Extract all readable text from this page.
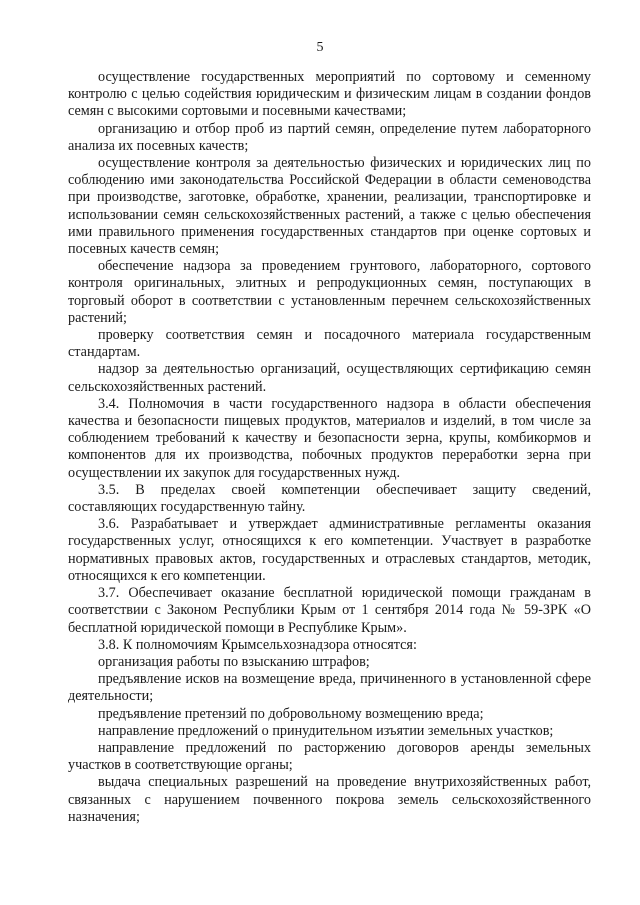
5

осуществление государственных мероприятий по сортовому и семенному контролю с целью содействия юридическим и физическим лицам в создании фондов семян с высокими сортовыми и посевными качествами;

организацию и отбор проб из партий семян, определение путем лабораторного анализа их посевных качеств;

осуществление контроля за деятельностью физических и юридических лиц по соблюдению ими законодательства Российской Федерации в области семеноводства при производстве, заготовке, обработке, хранении, реализации, транспортировке и использовании семян сельскохозяйственных растений, а также с целью обеспечения ими правильного применения государственных стандартов при оценке сортовых и посевных качеств семян;

обеспечение надзора за проведением грунтового, лабораторного, сортового контроля оригинальных, элитных и репродукционных семян, поступающих в торговый оборот в соответствии с установленным перечнем сельскохозяйственных растений;

проверку соответствия семян и посадочного материала государственным стандартам.

надзор за деятельностью организаций, осуществляющих сертификацию семян сельскохозяйственных растений.

3.4. Полномочия в части государственного надзора в области обеспечения качества и безопасности пищевых продуктов, материалов и изделий, в том числе за соблюдением требований к качеству и безопасности зерна, крупы, комбикормов и компонентов для их производства, побочных продуктов переработки зерна при осуществлении их закупок для государственных нужд.

3.5. В пределах своей компетенции обеспечивает защиту сведений, составляющих государственную тайну.

3.6. Разрабатывает и утверждает административные регламенты оказания государственных услуг, относящихся к его компетенции. Участвует в разработке нормативных правовых актов, государственных и отраслевых стандартов, методик, относящихся к его компетенции.

3.7. Обеспечивает оказание бесплатной юридической помощи гражданам в соответствии с Законом Республики Крым от 1 сентября 2014 года № 59-ЗРК «О бесплатной юридической помощи в Республике Крым».

3.8. К полномочиям Крымсельхознадзора относятся:

организация работы по взысканию штрафов;

предъявление исков на возмещение вреда, причиненного в установленной сфере деятельности;

предъявление претензий по добровольному возмещению вреда;

направление предложений о принудительном изъятии земельных участков;

направление предложений по расторжению договоров аренды земельных участков в соответствующие органы;

выдача специальных разрешений на проведение внутрихозяйственных работ, связанных с нарушением почвенного покрова земель сельскохозяйственного назначения;
